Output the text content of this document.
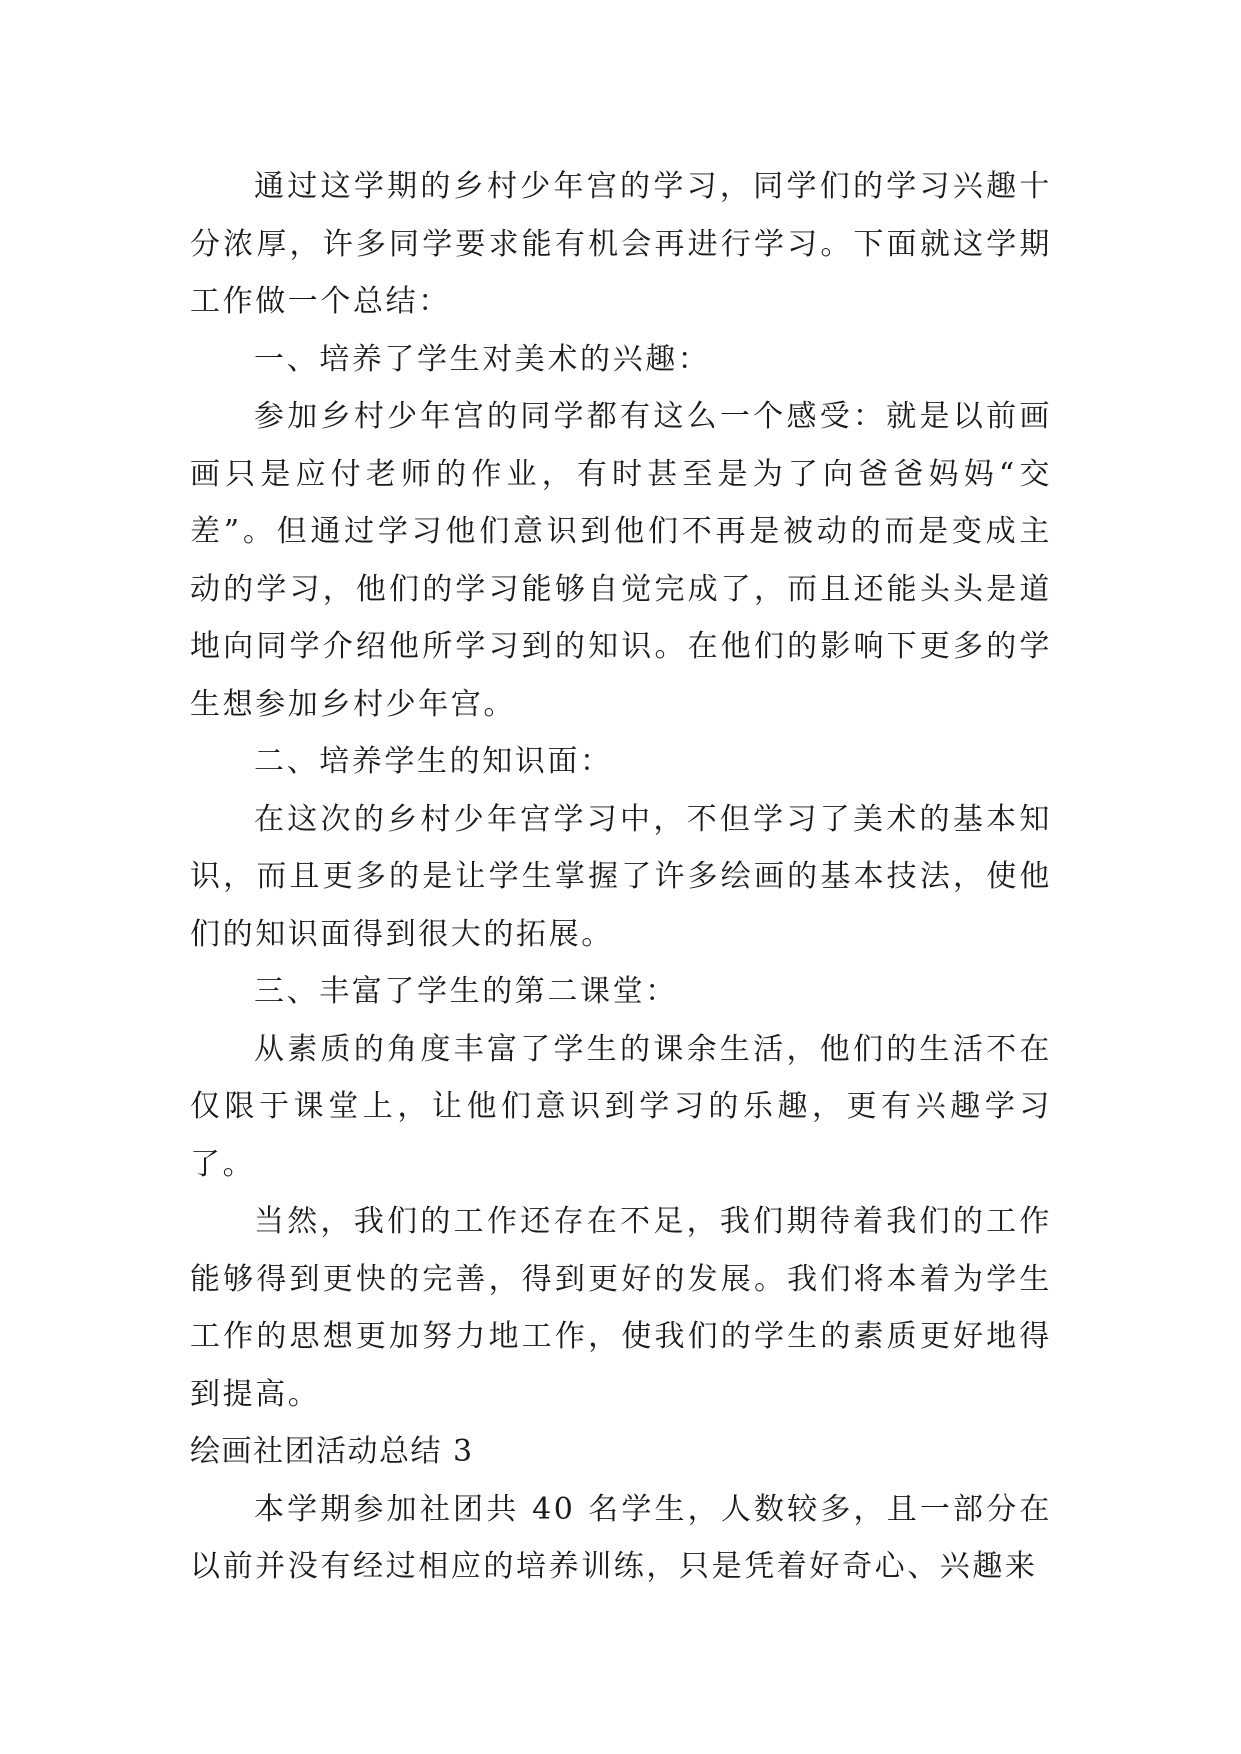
通过这学期的乡村少年宫的学习，同学们的学习兴趣十分浓厚，许多同学要求能有机会再进行学习。下面就这学期工作做一个总结：

一、培养了学生对美术的兴趣：

参加乡村少年宫的同学都有这么一个感受：就是以前画画只是应付老师的作业，有时甚至是为了向爸爸妈妈“交差”。但通过学习他们意识到他们不再是被动的而是变成主动的学习，他们的学习能够自觉完成了，而且还能头头是道地向同学介绍他所学习到的知识。在他们的影响下更多的学生想参加乡村少年宫。

二、培养学生的知识面：

在这次的乡村少年宫学习中，不但学习了美术的基本知识，而且更多的是让学生掌握了许多绘画的基本技法，使他们的知识面得到很大的拓展。

三、丰富了学生的第二课堂：

从素质的角度丰富了学生的课余生活，他们的生活不在仅限于课堂上，让他们意识到学习的乐趣，更有兴趣学习了。

当然，我们的工作还存在不足，我们期待着我们的工作能够得到更快的完善，得到更好的发展。我们将本着为学生工作的思想更加努力地工作，使我们的学生的素质更好地得到提高。

绘画社团活动总结 3

本学期参加社团共 40 名学生，人数较多，且一部分在以前并没有经过相应的培养训练，只是凭着好奇心、兴趣来
